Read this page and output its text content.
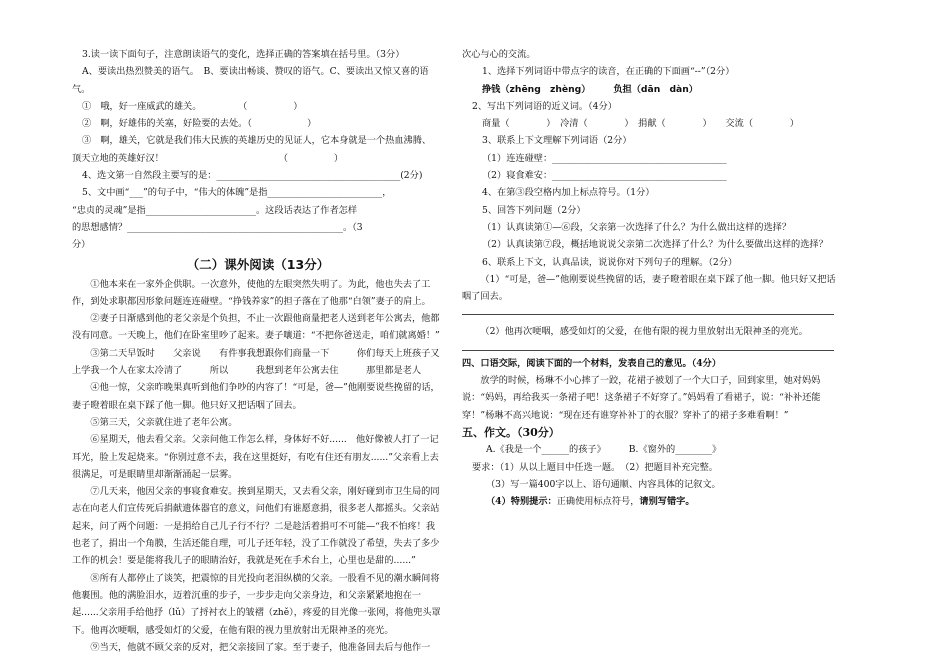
3.读一读下面句子，注意朗读语气的变化，选择正确的答案填在括号里。（3分）

A、要读出热烈赞美的语气。　B、要读出畅谈、赞叹的语气。C、要读出又惊又喜的语

气。

①　哦，好一座威武的雄关。　　　　　（　　　　　）

②　啊，好雄伟的关塞，好险要的去处。（　　　　　　）

③　啊，雄关，它就是我们伟大民族的英雄历史的见证人，它本身就是一个热血沸腾、

顶天立地的英雄好汉！　　　　　　　　　　　　　（　　　　　）

4、选文第一自然段主要写的是：________________________________________(2分)

5、文中画“___”的句子中，“伟大的体魄”是指_________________________，

“忠贞的灵魂”是指________________________。这段话表达了作者怎样

的思想感情？_______________________________________________。（3

分）

（二）课外阅读（13分）

①他本来在一家外企供职。一次意外，使他的左眼突然失明了。为此，他也失去了工作，到处求职都因形象问题连连碰壁。“挣钱养家”的担子落在了他那“白领”妻子的肩上。

②妻子日渐感到他的老父亲是个负担，不止一次跟他商量把老人送到老年公寓去，他都没有同意。一天晚上，他们在卧室里吵了起来。妻子嚷道：“不把你爸送走，咱们就离婚！”

③第二天早饭时　　父亲说　　有件事我想跟你们商量一下　　　你们每天上班孩子又上学我一个人在家太冷清了　　　所以　　　我想到老年公寓去住　　　那里都是老人

④他一惊，父亲昨晚果真听到他们争吵的内容了！“可是，爸—”他刚要说些挽留的话，妻子瞪着眼在桌下踩了他一脚。他只好又把话咽了回去。

⑤第三天，父亲就住进了老年公寓。

⑥星期天，他去看父亲。父亲问他工作怎么样，身体好不好......　他好像被人打了一记耳光，脸上发起烧来。“你别过意不去，我在这里挺好，有吃有住还有朋友......”父亲看上去很满足，可是眼睛里却渐渐涌起一层雾。

⑦几天来，他因父亲的事寝食难安。挨到星期天，又去看父亲，刚好碰到市卫生局的同志在向老人们宣传死后捐献遗体器官的意义，问他们有谁愿意捐，很多老人都摇头。父亲站起来，问了两个问题：一是捐给自己儿子行不行？二是趁活着捐可不可能—“我不怕疼！我也老了，捐出一个角膜，生活还能自理，可儿子还年轻，没了工作就没了希望，失去了多少工作的机会！要是能将我儿子的眼睛治好，我就是死在手术台上，心里也是甜的......”

⑧所有人都停止了谈笑，把震惊的目光投向老泪纵横的父亲。一股看不见的潮水瞬间将他裹围。他的满脸泪水，迈着沉重的步子，一步步走向父亲身边，和父亲紧紧地抱在一起......父亲用手给他抒（lǔ）了捋衬衣上的皱褶（zhě），疼爱的目光像一张网，将他兜头罩下。他再次哽咽，感受如灯的父爱，在他有限的视力里放射出无限神圣的亮光。

⑨当天，他就不顾父亲的反对，把父亲接回了家。至于妻子，他准备回去后与他作一

次心与心的交流。

1、选择下列词语中带点字的读音，在正确的下面画“--”（2分）

挣钱（zhēng　zhèng）　　　负担（dān　dàn）

2、写出下列词语的近义词。（4分）

商量（　　　　）　冷清（　　　　）　捐献（　　　　）　　交流（　　　　）

3、联系上下文理解下列词语（2分）

（1）连连碰壁：______________________________________

（2）寝食难安：______________________________________

4、在第③段空格内加上标点符号。（1分）

5、回答下列问题（2分）

（1）认真读第①—⑥段，父亲第一次选择了什么？为什么做出这样的选择？

（2）认真读第⑦段，概括地说说父亲第二次选择了什么？为什么要做出这样的选择？

6、联系上下文，认真品读，说说你对下列句子的理解。（2分）

（1）“可是，爸—”他刚要说些挽留的话，妻子瞪着眼在桌下踩了他一脚。他只好又把话咽了回去。

（2）他再次哽咽，感受如灯的父爱，在他有限的视力里放射出无限神圣的亮光。

四、口语交际，阅读下面的一个材料，发表自己的意见。（4分）

放学的时候，杨琳不小心摔了一跤，花裙子被划了一个大口子，回到家里，她对妈妈说：“妈妈，再给我买一条裙子吧！这条裙子不好穿了。”妈妈看了看裙子，说：“补补还能穿！”杨琳不高兴地说：“现在还有谁穿补补丁的衣服？穿补了的裙子多难看啊！”

五、作文。（30分）

A.《我是一个______的孩子》　　　B.《窗外的________》

要求：（1）从以上题目中任选一题。　（2）把题目补充完整。

（3）写一篇400字以上、语句通顺、内容具体的记叙文。

（4）特别提示：正确使用标点符号，请别写错字。
